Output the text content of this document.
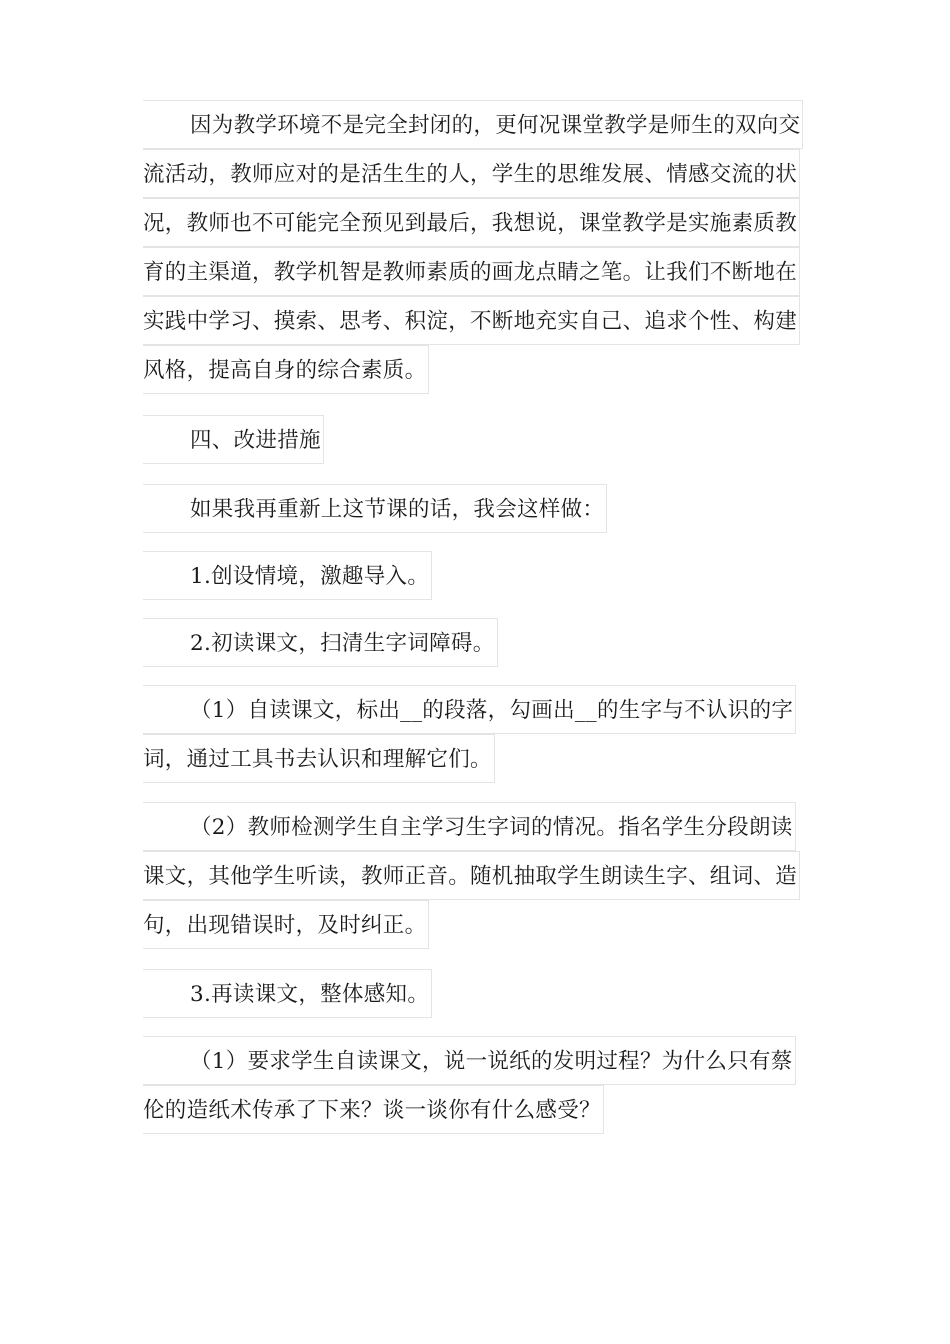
因为教学环境不是完全封闭的，更何况课堂教学是师生的双向交
流活动，教师应对的是活生生的人，学生的思维发展、情感交流的状
况，教师也不可能完全预见到最后，我想说，课堂教学是实施素质教
育的主渠道，教学机智是教师素质的画龙点睛之笔。让我们不断地在
实践中学习、摸索、思考、积淀，不断地充实自己、追求个性、构建
风格，提高自身的综合素质。
四、改进措施
如果我再重新上这节课的话，我会这样做：
1.创设情境，激趣导入。
2.初读课文，扫清生字词障碍。
（1）自读课文，标出__的段落，勾画出__的生字与不认识的字
词，通过工具书去认识和理解它们。
（2）教师检测学生自主学习生字词的情况。指名学生分段朗读
课文，其他学生听读，教师正音。随机抽取学生朗读生字、组词、造
句，出现错误时，及时纠正。
3.再读课文，整体感知。
（1）要求学生自读课文，说一说纸的发明过程？为什么只有蔡
伦的造纸术传承了下来？谈一谈你有什么感受？
